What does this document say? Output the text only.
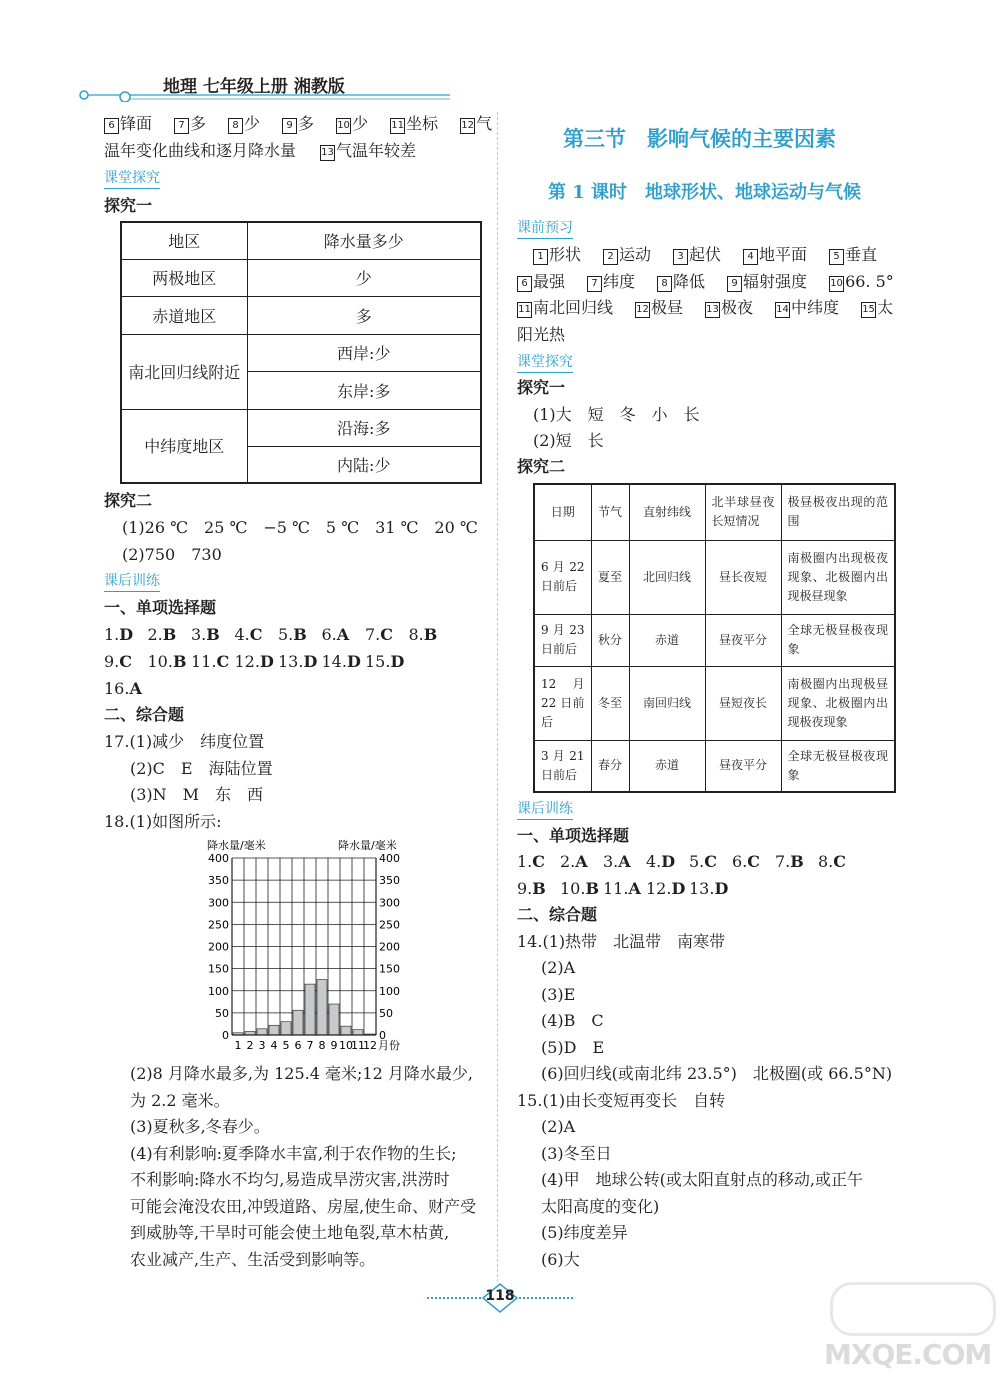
地理 七年级上册 湘教版
6 锋面	7 多	8 少	9 多 10 少 11 坐标 12 气
温年变化曲线和逐月降水量	13 气温年较差
课堂探究
探究一
地区	降水量多少
两极地区	少
赤道地区	多
南北回归线附近	西岸:少
	东岸:多
中纬度地区	沿海:多
	内陆:少
探究二
(1)26 ℃　25 ℃　−5 ℃　5 ℃　31 ℃　20 ℃
(2)750　730
课后训练
一、单项选择题
1.D 2.B 3.B 4.C 5.B 6.A 7.C 8.B
9.C 10.B 11.C 12.D 13.D 14.D 15.D
16.A
二、综合题
17.(1)减少　纬度位置
(2)C　E　海陆位置
(3)N　M　东　西
18.(1)如图所示:
0	0
50	50
100	100
150	150
200	200
250	250
300	300
350	350
400	400
1 2 3 4 5 6 7 8 9 10
11
12 月份
降水量/毫米	降水量/毫米
(2)8 月降水最多,为 125.4 毫米;12 月降水最少,
为 2.2 毫米。
(3)夏秋多,冬春少。
(4)有利影响:夏季降水丰富,利于农作物的生长;
不利影响:降水不均匀,易造成旱涝灾害,洪涝时
可能会淹没农田,冲毁道路、房屋,使生命、财产受
到威胁等,干旱时可能会使土地龟裂,草木枯黄,
农业减产,生产、生活受到影响等。
第三节　影响气候的主要因素
第 1 课时　地球形状、地球运动与气候
课前预习
1 形状	2 运动	3 起伏	4 地平面	5 垂直
6 最强	7 纬度	8 降低	9 辐射强度 10 66. 5°
11 南北回归线 12 极昼 13 极夜 14 中纬度 15 太
阳光热
课堂探究
探究一
(1)大　短　冬　小　长
(2)短　长
探究二
日期	节气	直射纬线	北半球昼夜长短情况	极昼极夜出现的范围
6 月 22 日前后	夏至	北回归线	昼长夜短	南极圈内出现极夜现象、北极圈内出现极昼现象
9 月 23 日前后	秋分	赤道	昼夜平分	全球无极昼极夜现象
12 月 22 日前后	冬至	南回归线	昼短夜长	南极圈内出现极昼现象、北极圈内出现极夜现象
3 月 21 日前后	春分	赤道	昼夜平分	全球无极昼极夜现象
课后训练
一、单项选择题
1.C 2.A 3.A 4.D 5.C 6.C 7.B 8.C
9.B 10.B 11.A 12.D 13.D
二、综合题
14.(1)热带　北温带　南寒带
(2)A
(3)E
(4)B　C
(5)D　E
(6)回归线(或南北纬 23.5°)　北极圈(或 66.5°N)
15.(1)由长变短再变长　自转
(2)A
(3)冬至日
(4)甲　地球公转(或太阳直射点的移动,或正午
太阳高度的变化)
(5)纬度差异
(6)大
118
MXQE.COM
